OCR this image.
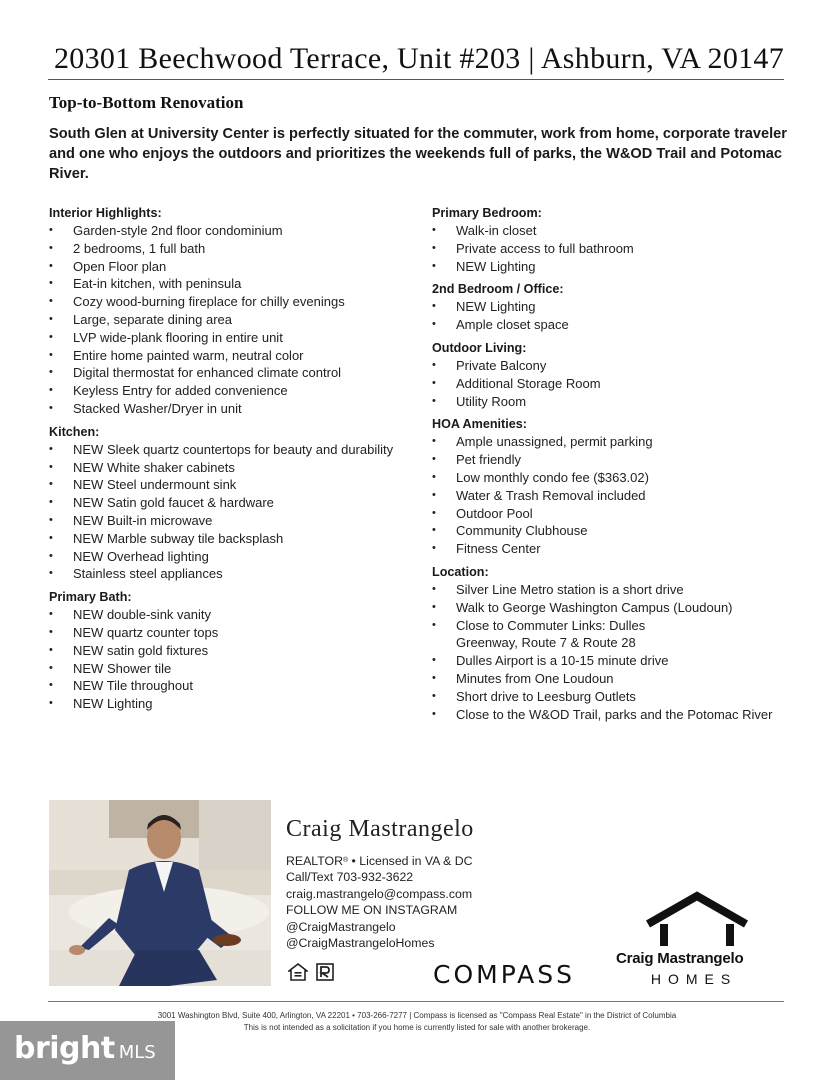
20301 Beechwood Terrace, Unit #203 | Ashburn, VA 20147
Top-to-Bottom Renovation
South Glen at University Center is perfectly situated for the commuter, work from home, corporate traveler and one who enjoys the outdoors and prioritizes the weekends full of parks, the W&OD Trail and Potomac River.
Interior Highlights:
• Garden-style 2nd floor condominium
• 2 bedrooms, 1 full bath
• Open Floor plan
• Eat-in kitchen, with peninsula
• Cozy wood-burning fireplace for chilly evenings
• Large, separate dining area
• LVP wide-plank flooring in entire unit
• Entire home painted warm, neutral color
• Digital thermostat for enhanced climate control
• Keyless Entry for added convenience
• Stacked Washer/Dryer in unit
Kitchen:
• NEW Sleek quartz countertops for beauty and durability
• NEW White shaker cabinets
• NEW Steel undermount sink
• NEW Satin gold faucet & hardware
• NEW Built-in microwave
• NEW Marble subway tile backsplash
• NEW Overhead lighting
• Stainless steel appliances
Primary Bath:
• NEW double-sink vanity
• NEW quartz counter tops
• NEW satin gold fixtures
• NEW Shower tile
• NEW Tile throughout
• NEW Lighting
Primary Bedroom:
• Walk-in closet
• Private access to full bathroom
• NEW Lighting
2nd Bedroom / Office:
• NEW Lighting
• Ample closet space
Outdoor Living:
• Private Balcony
• Additional Storage Room
• Utility Room
HOA Amenities:
• Ample unassigned, permit parking
• Pet friendly
• Low monthly condo fee ($363.02)
• Water & Trash Removal included
• Outdoor Pool
• Community Clubhouse
• Fitness Center
Location:
• Silver Line Metro station is a short drive
• Walk to George Washington Campus (Loudoun)
• Close to Commuter Links: Dulles Greenway, Route 7 & Route 28
• Dulles Airport is a 10-15 minute drive
• Minutes from One Loudoun
• Short drive to Leesburg Outlets
• Close to the W&OD Trail, parks and the Potomac River
Craig Mastrangelo
REALTOR® • Licensed in VA & DC
Call/Text 703-932-3622
craig.mastrangelo@compass.com
FOLLOW ME ON INSTAGRAM
@CraigMastrangelo
@CraigMastrangeloHomes
COMPASS
Craig Mastrangelo
HOMES
3001 Washington Blvd, Suite 400, Arlington, VA 22201 • 703-266-7277 | Compass is licensed as "Compass Real Estate" in the District of Columbia
This is not intended as a solicitation if you home is currently listed for sale with another brokerage.
bright MLS
